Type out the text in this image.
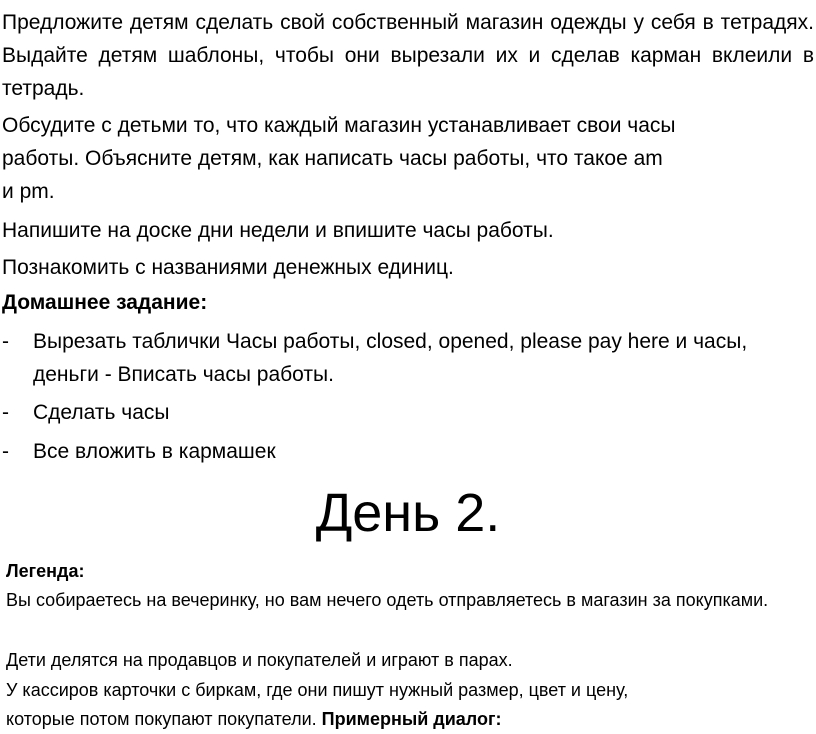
Предложите детям сделать свой собственный магазин одежды у себя в тетрадях. Выдайте детям шаблоны, чтобы они вырезали их и сделав карман вклеили в тетрадь.

Обсудите с детьми то, что каждый магазин устанавливает свои часы

работы. Объясните детям, как написать часы работы, что такое am

и pm.

Напишите на доске дни недели и впишите часы работы.

Познакомить с названиями денежных единиц.

Домашнее задание:

-	Вырезать таблички Часы работы, closed, opened, please pay here и часы, деньги - Вписать часы работы.
-	Сделать часы
-	Все вложить в кармашек
День 2.

Легенда:

Вы собираетесь на вечеринку, но вам нечего одеть отправляетесь в магазин за покупками.

Дети делятся на продавцов и покупателей и играют в парах.

У кассиров карточки с биркам, где они пишут нужный размер, цвет и цену,

которые потом покупают покупатели. Примерный диалог:
